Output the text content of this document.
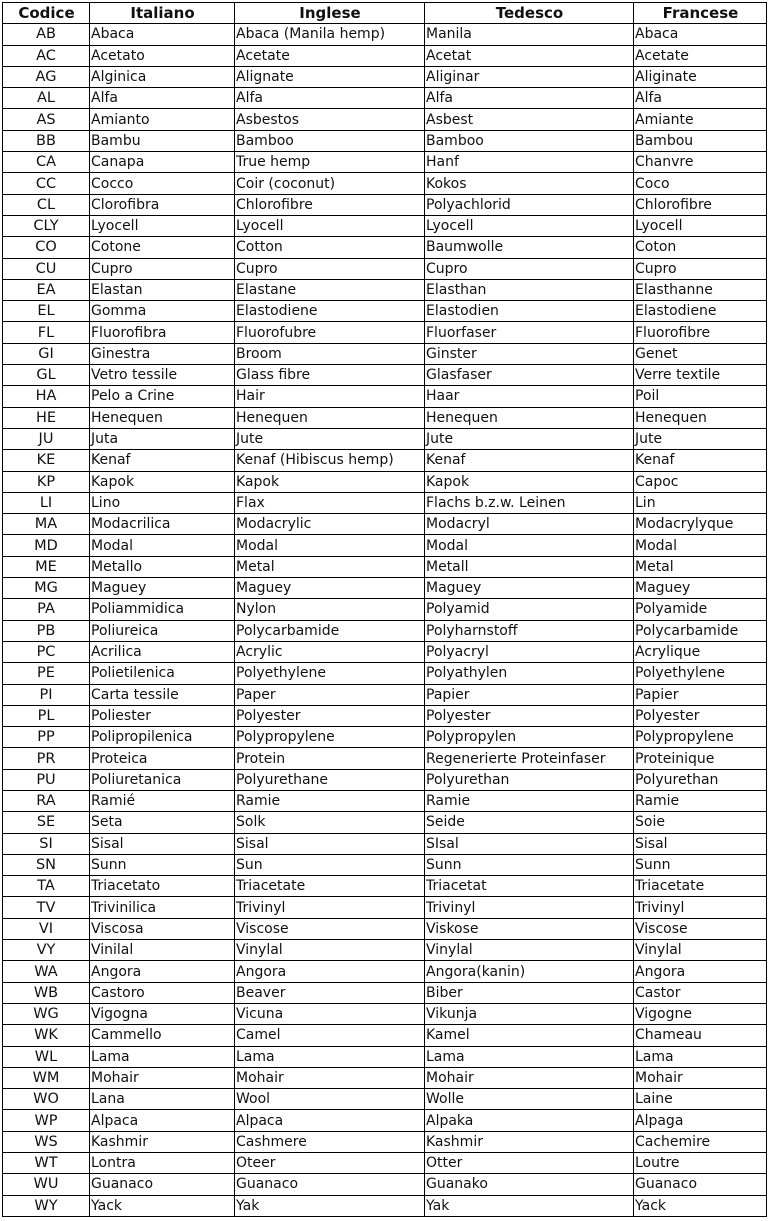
Codice	Italiano	Inglese	Tedesco	Francese
AB	Abaca	Abaca (Manila hemp)	Manila	Abaca
AC	Acetato	Acetate	Acetat	Acetate
AG	Alginica	Alignate	Aliginar	Aliginate
AL	Alfa	Alfa	Alfa	Alfa
AS	Amianto	Asbestos	Asbest	Amiante
BB	Bambu	Bamboo	Bamboo	Bambou
CA	Canapa	True hemp	Hanf	Chanvre
CC	Cocco	Coir (coconut)	Kokos	Coco
CL	Clorofibra	Chlorofibre	Polyachlorid	Chlorofibre
CLY	Lyocell	Lyocell	Lyocell	Lyocell
CO	Cotone	Cotton	Baumwolle	Coton
CU	Cupro	Cupro	Cupro	Cupro
EA	Elastan	Elastane	Elasthan	Elasthanne
EL	Gomma	Elastodiene	Elastodien	Elastodiene
FL	Fluorofibra	Fluorofubre	Fluorfaser	Fluorofibre
GI	Ginestra	Broom	Ginster	Genet
GL	Vetro tessile	Glass fibre	Glasfaser	Verre textile
HA	Pelo a Crine	Hair	Haar	Poil
HE	Henequen	Henequen	Henequen	Henequen
JU	Juta	Jute	Jute	Jute
KE	Kenaf	Kenaf (Hibiscus hemp)	Kenaf	Kenaf
KP	Kapok	Kapok	Kapok	Capoc
LI	Lino	Flax	Flachs b.z.w. Leinen	Lin
MA	Modacrilica	Modacrylic	Modacryl	Modacrylyque
MD	Modal	Modal	Modal	Modal
ME	Metallo	Metal	Metall	Metal
MG	Maguey	Maguey	Maguey	Maguey
PA	Poliammidica	Nylon	Polyamid	Polyamide
PB	Poliureica	Polycarbamide	Polyharnstoff	Polycarbamide
PC	Acrilica	Acrylic	Polyacryl	Acrylique
PE	Polietilenica	Polyethylene	Polyathylen	Polyethylene
PI	Carta tessile	Paper	Papier	Papier
PL	Poliester	Polyester	Polyester	Polyester
PP	Polipropilenica	Polypropylene	Polypropylen	Polypropylene
PR	Proteica	Protein	Regenerierte Proteinfaser	Proteinique
PU	Poliuretanica	Polyurethane	Polyurethan	Polyurethan
RA	Ramié	Ramie	Ramie	Ramie
SE	Seta	Solk	Seide	Soie
SI	Sisal	Sisal	SIsal	Sisal
SN	Sunn	Sun	Sunn	Sunn
TA	Triacetato	Triacetate	Triacetat	Triacetate
TV	Trivinilica	Trivinyl	Trivinyl	Trivinyl
VI	Viscosa	Viscose	Viskose	Viscose
VY	Vinilal	Vinylal	Vinylal	Vinylal
WA	Angora	Angora	Angora(kanin)	Angora
WB	Castoro	Beaver	Biber	Castor
WG	Vigogna	Vicuna	Vikunja	Vigogne
WK	Cammello	Camel	Kamel	Chameau
WL	Lama	Lama	Lama	Lama
WM	Mohair	Mohair	Mohair	Mohair
WO	Lana	Wool	Wolle	Laine
WP	Alpaca	Alpaca	Alpaka	Alpaga
WS	Kashmir	Cashmere	Kashmir	Cachemire
WT	Lontra	Oteer	Otter	Loutre
WU	Guanaco	Guanaco	Guanako	Guanaco
WY	Yack	Yak	Yak	Yack
